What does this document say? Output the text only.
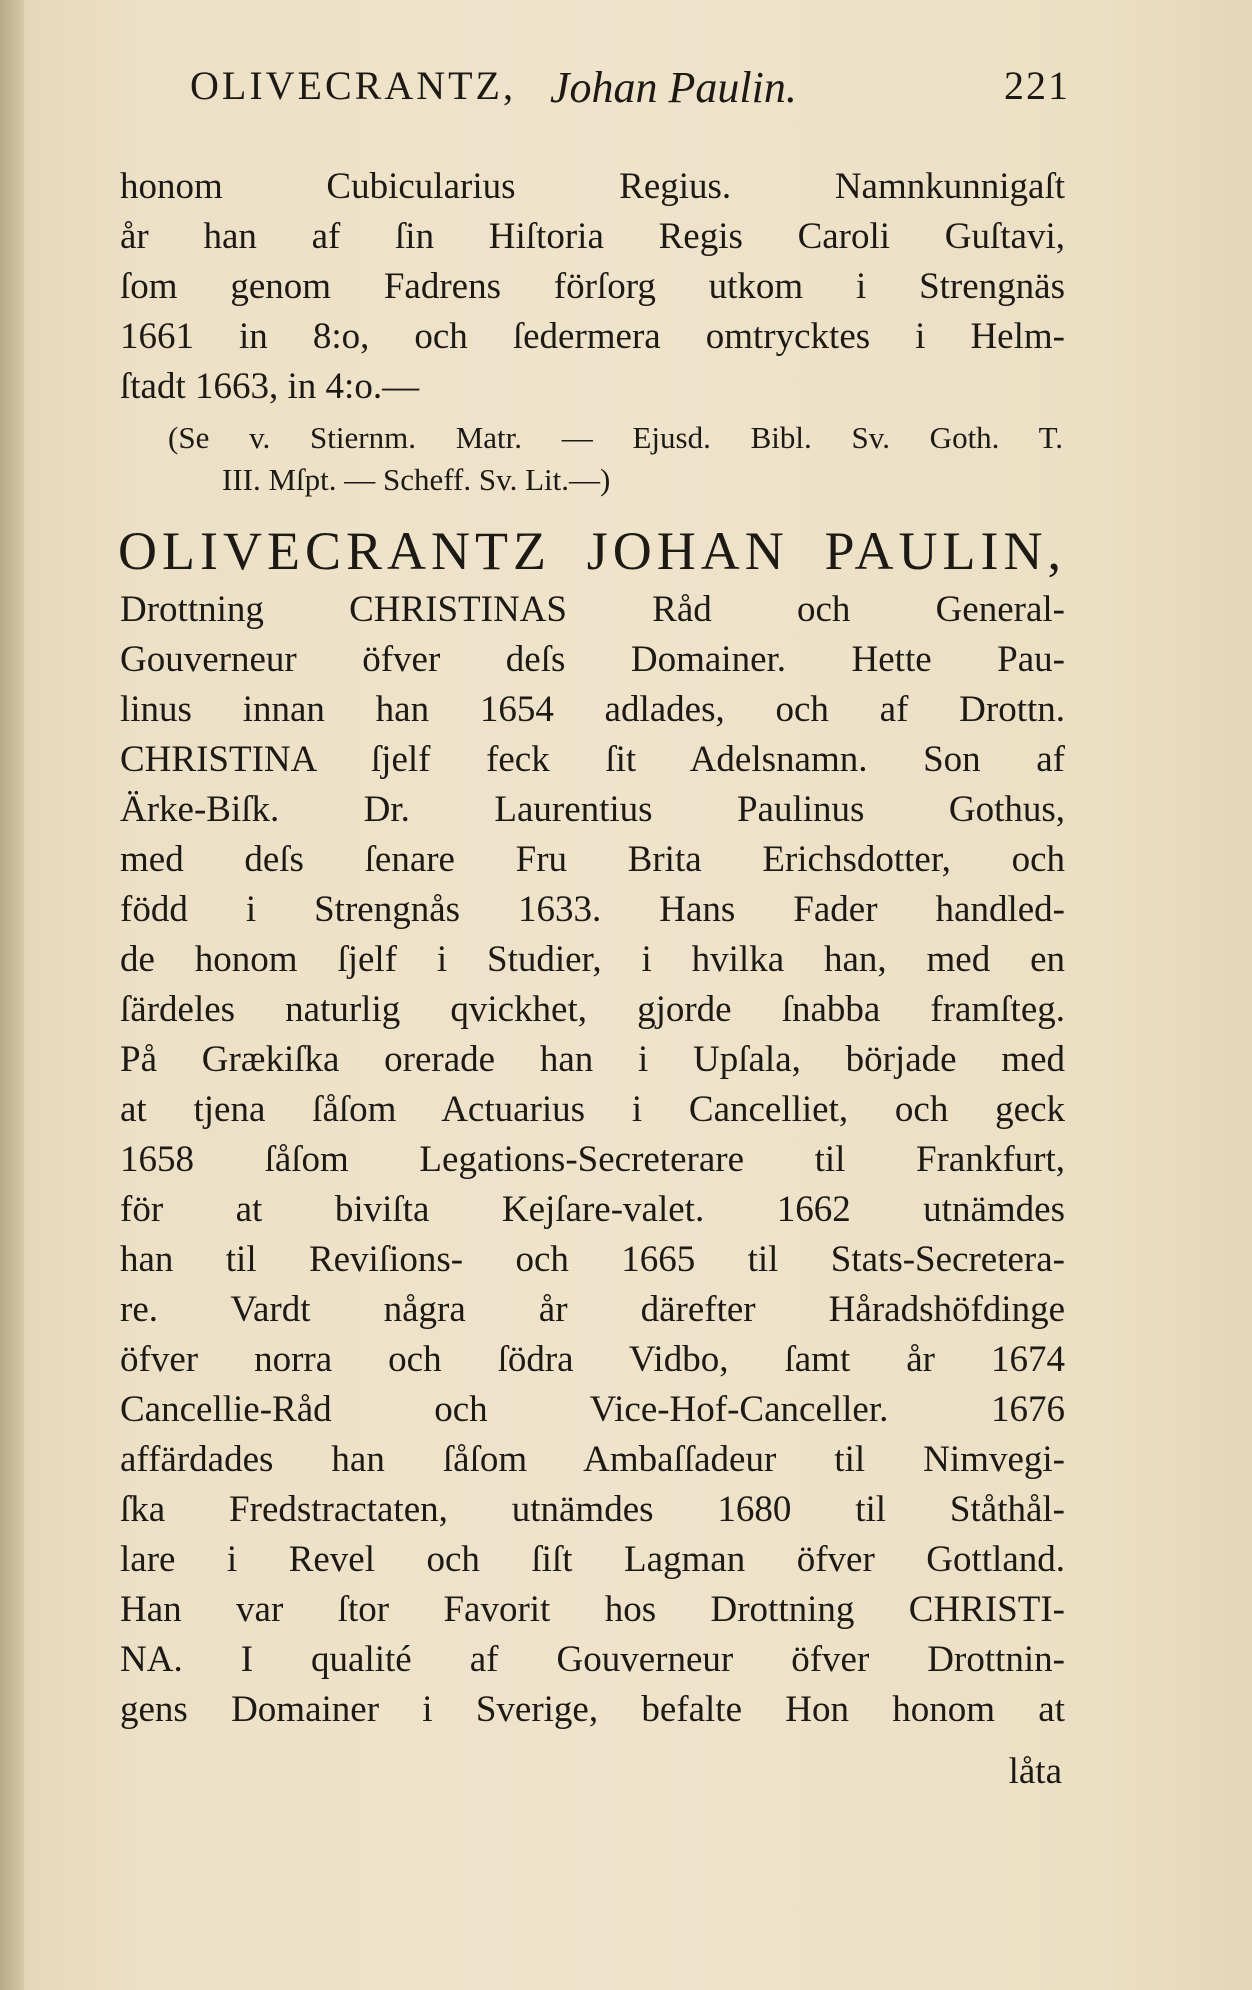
OLIVECRANTZ, Johan Paulin.	221
honom Cubicularius Regius. Namnkunnigaſt
år han af ſin Hiſtoria Regis Caroli Guſtavi,
ſom genom Fadrens förſorg utkom i Strengnäs
1661 in 8:o, och ſedermera omtrycktes i Helm-
ſtadt 1663, in 4:o.—
(Se v. Stiernm. Matr. — Ejusd. Bibl. Sv. Goth. T.
III. Mſpt. — Scheff. Sv. Lit.—)
OLIVECRANTZ JOHAN PAULIN,
Drottning CHRISTINAS Råd och General-
Gouverneur öfver deſs Domainer. Hette Pau-
linus innan han 1654 adlades, och af Drottn.
CHRISTINA ſjelf feck ſit Adelsnamn. Son af
Ärke-Biſk. Dr. Laurentius Paulinus Gothus,
med deſs ſenare Fru Brita Erichsdotter, och
född i Strengnås 1633. Hans Fader handled-
de honom ſjelf i Studier, i hvilka han, med en
ſärdeles naturlig qvickhet, gjorde ſnabba framſteg.
På Grækiſka orerade han i Upſala, började med
at tjena ſåſom Actuarius i Cancelliet, och geck
1658 ſåſom Legations-Secreterare til Frankfurt,
för at biviſta Kejſare-valet. 1662 utnämdes
han til Reviſions- och 1665 til Stats-Secretera-
re. Vardt några år därefter Håradshöfdinge
öfver norra och ſödra Vidbo, ſamt år 1674
Cancellie-Råd och Vice-Hof-Canceller. 1676
affärdades han ſåſom Ambaſſadeur til Nimvegi-
ſka Fredstractaten, utnämdes 1680 til Ståthål-
lare i Revel och ſiſt Lagman öfver Gottland.
Han var ſtor Favorit hos Drottning CHRISTI-
NA. I qualité af Gouverneur öfver Drottnin-
gens Domainer i Sverige, befalte Hon honom at
låta
